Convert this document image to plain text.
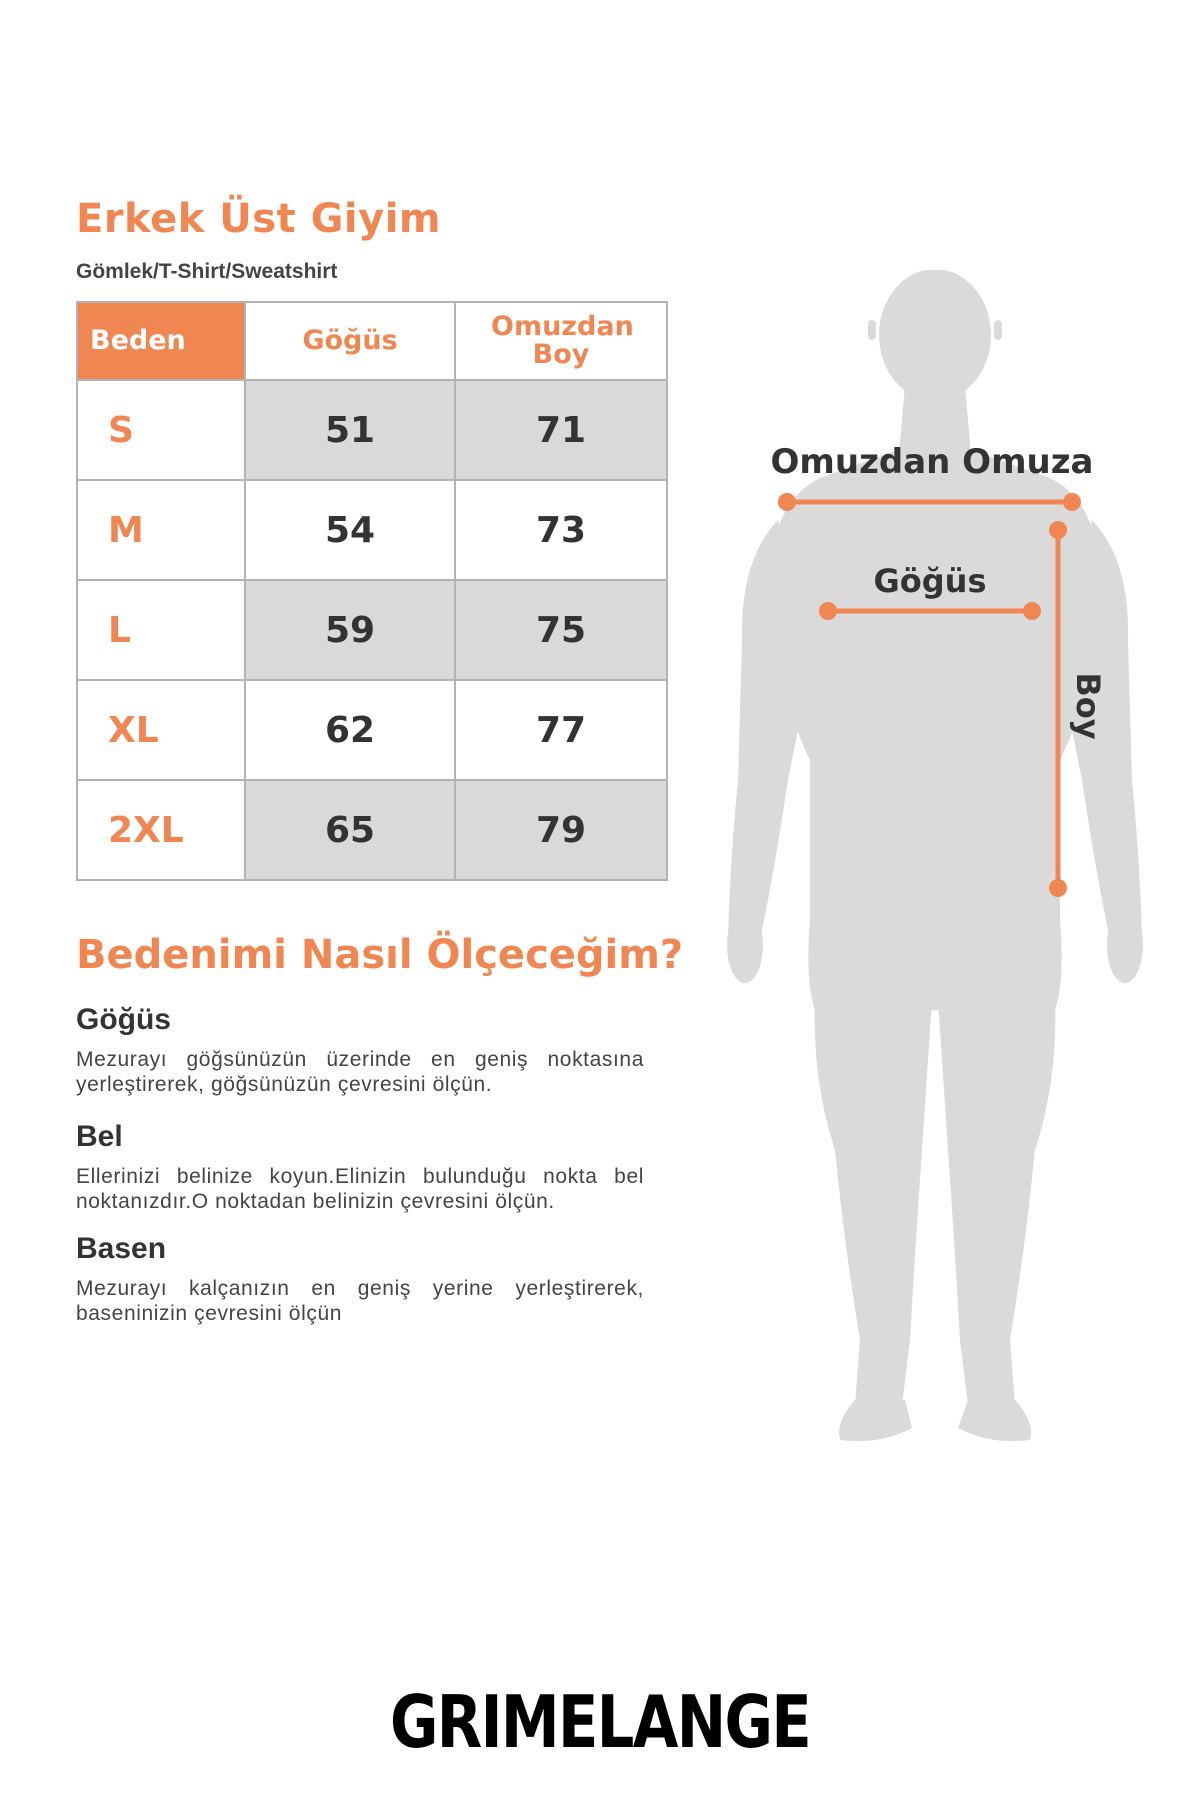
Erkek Üst Giyim
Gömlek/T-Shirt/Sweatshirt
Beden	Göğüs	Omuzdan Boy
S	51	71
M	54	73
L	59	75
XL	62	77
2XL	65	79
Bedenimi Nasıl Ölçeceğim?
Göğüs

Mezurayı göğsünüzün üzerinde en geniş noktasına yerleştirerek, göğsünüzün çevresini ölçün.

Bel

Ellerinizi belinize koyun.Elinizin bulunduğu nokta bel noktanızdır.O noktadan belinizin çevresini ölçün.

Basen

Mezurayı kalçanızın en geniş yerine yerleştirerek, baseninizin çevresini ölçün

Omuzdan Omuza
Göğüs
Boy
GRIMELANGE
